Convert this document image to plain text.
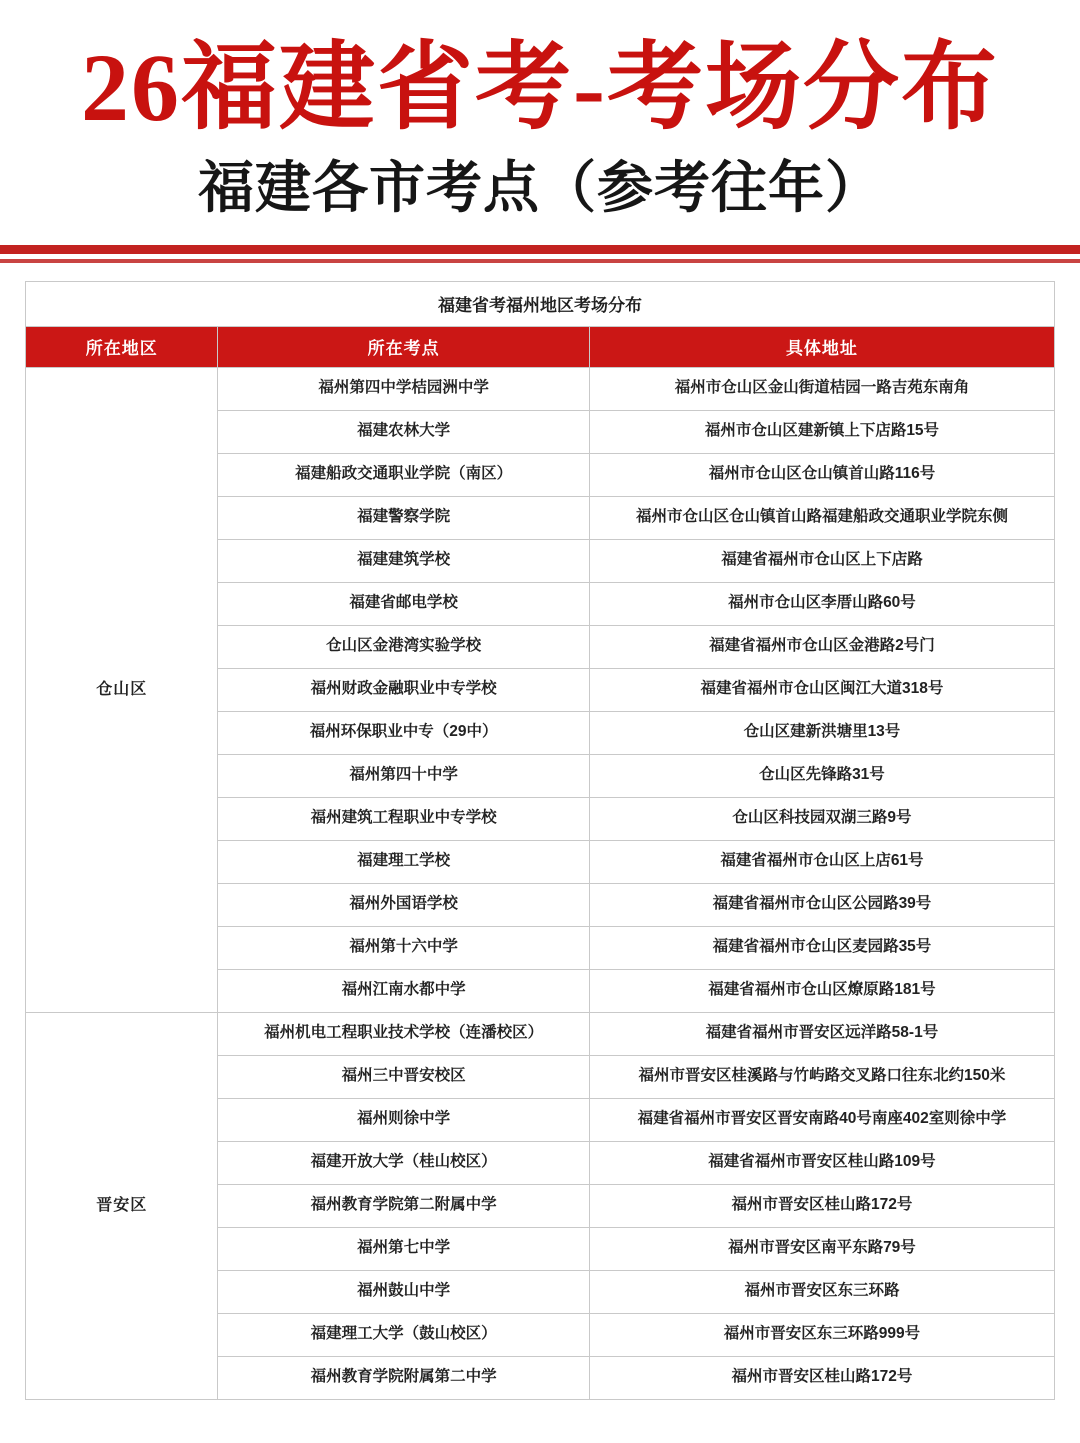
26福建省考-考场分布
福建各市考点（参考往年）
福建省考福州地区考场分布		
所在地区	所在考点	具体地址
仓山区	福州第四中学桔园洲中学	福州市仓山区金山街道桔园一路吉苑东南角
	福建农林大学	福州市仓山区建新镇上下店路15号
	福建船政交通职业学院（南区）	福州市仓山区仓山镇首山路116号
	福建警察学院	福州市仓山区仓山镇首山路福建船政交通职业学院东侧
	福建建筑学校	福建省福州市仓山区上下店路
	福建省邮电学校	福州市仓山区李厝山路60号
	仓山区金港湾实验学校	福建省福州市仓山区金港路2号门
	福州财政金融职业中专学校	福建省福州市仓山区闽江大道318号
	福州环保职业中专（29中）	仓山区建新洪塘里13号
	福州第四十中学	仓山区先锋路31号
	福州建筑工程职业中专学校	仓山区科技园双湖三路9号
	福建理工学校	福建省福州市仓山区上店61号
	福州外国语学校	福建省福州市仓山区公园路39号
	福州第十六中学	福建省福州市仓山区麦园路35号
	福州江南水都中学	福建省福州市仓山区燎原路181号
晋安区	福州机电工程职业技术学校（连潘校区）	福建省福州市晋安区远洋路58-1号
	福州三中晋安校区	福州市晋安区桂溪路与竹屿路交叉路口往东北约150米
	福州则徐中学	福建省福州市晋安区晋安南路40号南座402室则徐中学
	福建开放大学（桂山校区）	福建省福州市晋安区桂山路109号
	福州教育学院第二附属中学	福州市晋安区桂山路172号
	福州第七中学	福州市晋安区南平东路79号
	福州鼓山中学	福州市晋安区东三环路
	福建理工大学（鼓山校区）	福州市晋安区东三环路999号
	福州教育学院附属第二中学	福州市晋安区桂山路172号
